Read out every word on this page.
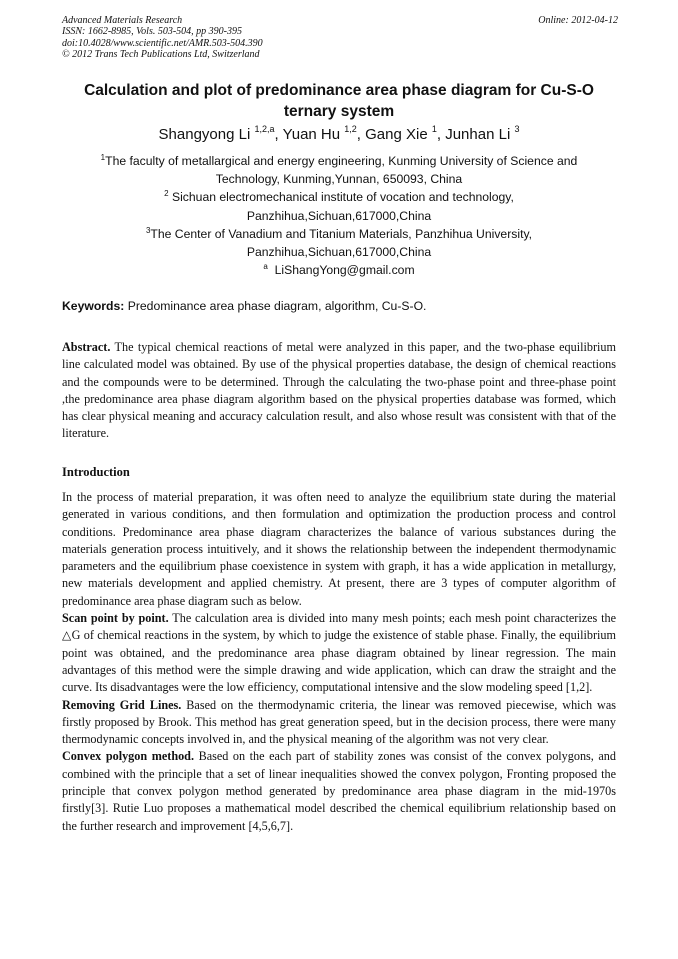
Advanced Materials Research
ISSN: 1662-8985, Vols. 503-504, pp 390-395
doi:10.4028/www.scientific.net/AMR.503-504.390
© 2012 Trans Tech Publications Ltd, Switzerland
Online: 2012-04-12
Calculation and plot of predominance area phase diagram for Cu-S-O
ternary system
Shangyong Li $^{1,2,a}$, Yuan Hu $^{1,2}$, Gang Xie $^1$, Junhan Li $^3$
$^1$The faculty of metallargical and energy engineering, Kunming University of Science and
Technology, Kunming,Yunnan, 650093, China
$^2$ Sichuan electromechanical institute of vocation and technology,
Panzhihua,Sichuan,617000,China
$^3$The Center of Vanadium and Titanium Materials, Panzhihua University,
Panzhihua,Sichuan,617000,China
$^a$  LiShangYong@gmail.com
Keywords: Predominance area phase diagram, algorithm, Cu-S-O.
Abstract. The typical chemical reactions of metal were analyzed in this paper, and the two-phase equilibrium line calculated model was obtained. By use of the physical properties database, the design of chemical reactions and the compounds were to be determined. Through the calculating the two-phase point and three-phase point ,the predominance area phase diagram algorithm based on the physical properties database was formed, which has clear physical meaning and accuracy calculation result, and also whose result was consistent with that of the literature.
Introduction

In the process of material preparation, it was often need to analyze the equilibrium state during the material generated in various conditions, and then formulation and optimization the production process and control conditions. Predominance area phase diagram characterizes the balance of various substances during the materials generation process intuitively, and it shows the relationship between the independent thermodynamic parameters and the equilibrium phase coexistence in system with graph, it has a wide application in metallurgy, new materials development and applied chemistry. At present, there are 3 types of computer algorithm of predominance area phase diagram such as below.

Scan point by point. The calculation area is divided into many mesh points; each mesh point characterizes the △G of chemical reactions in the system, by which to judge the existence of stable phase. Finally, the equilibrium point was obtained, and the predominance area phase diagram obtained by linear regression. The main advantages of this method were the simple drawing and wide application, which can draw the straight and the curve. Its disadvantages were the low efficiency, computational intensive and the slow modeling speed [1,2].

Removing Grid Lines. Based on the thermodynamic criteria, the linear was removed piecewise, which was firstly proposed by Brook. This method has great generation speed, but in the decision process, there were many thermodynamic concepts involved in, and the physical meaning of the algorithm was not very clear.

Convex polygon method. Based on the each part of stability zones was consist of the convex polygons, and combined with the principle that a set of linear inequalities showed the convex polygon, Fronting proposed the principle that convex polygon method generated by predominance area phase diagram in the mid-1970s firstly[3]. Rutie Luo proposes a mathematical model described the chemical equilibrium relationship based on the further research and improvement [4,5,6,7].
